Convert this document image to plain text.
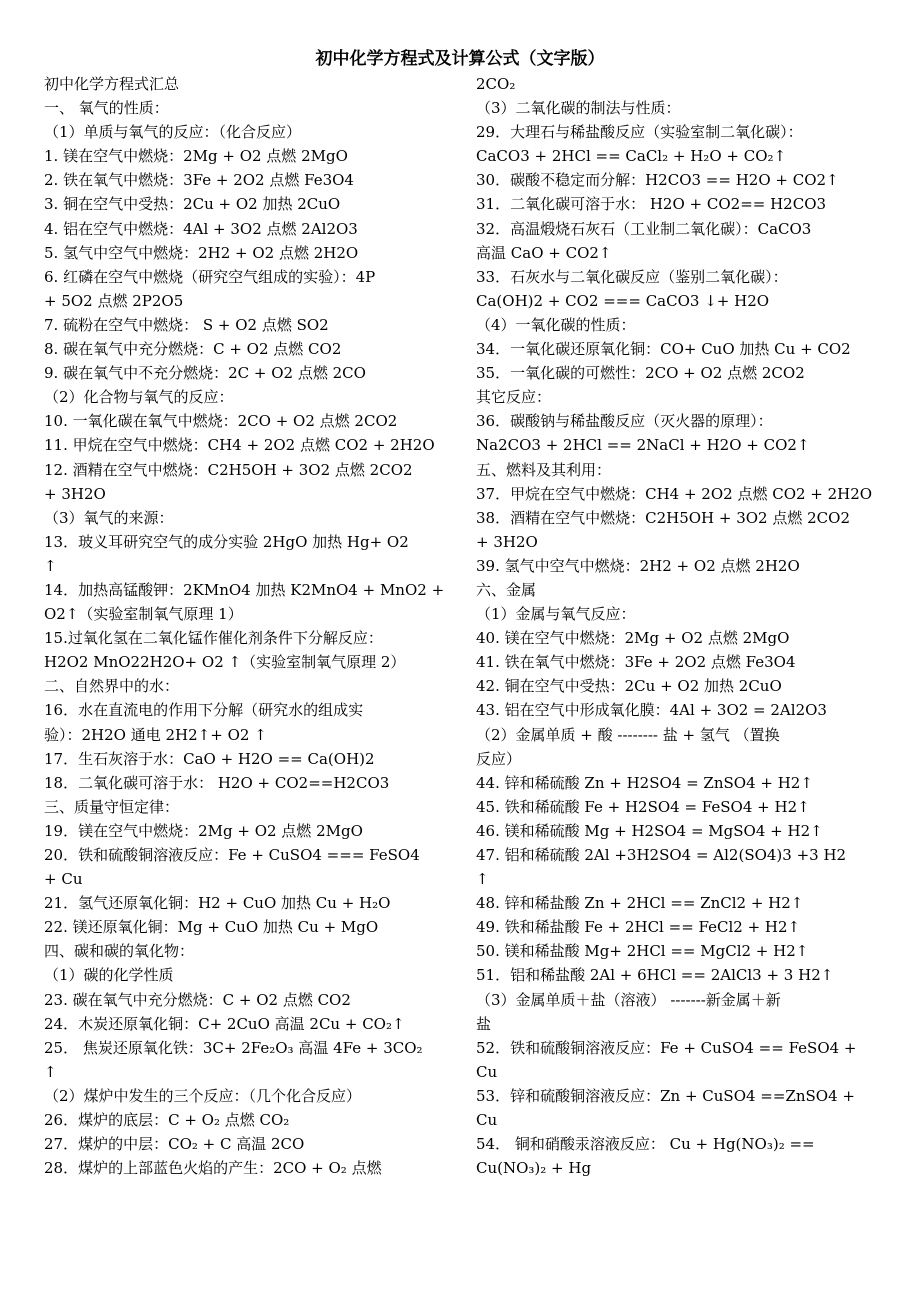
初中化学方程式及计算公式（文字版）
初中化学方程式汇总
一、 氧气的性质：
（1）单质与氧气的反应：（化合反应）
1. 镁在空气中燃烧：2Mg + O2 点燃 2MgO
2. 铁在氧气中燃烧：3Fe + 2O2 点燃 Fe3O4
3. 铜在空气中受热：2Cu + O2 加热 2CuO
4. 铝在空气中燃烧：4Al + 3O2 点燃 2Al2O3
5. 氢气中空气中燃烧：2H2 + O2 点燃 2H2O
6. 红磷在空气中燃烧（研究空气组成的实验）：4P
+ 5O2 点燃 2P2O5
7. 硫粉在空气中燃烧： S + O2 点燃 SO2
8. 碳在氧气中充分燃烧：C + O2 点燃 CO2
9. 碳在氧气中不充分燃烧：2C + O2 点燃 2CO
（2）化合物与氧气的反应：
10. 一氧化碳在氧气中燃烧：2CO + O2 点燃 2CO2
11. 甲烷在空气中燃烧：CH4 + 2O2 点燃 CO2 + 2H2O
12. 酒精在空气中燃烧：C2H5OH + 3O2 点燃 2CO2
+ 3H2O
（3）氧气的来源：
13．玻义耳研究空气的成分实验 2HgO 加热 Hg+ O2
↑
14．加热高锰酸钾：2KMnO4 加热 K2MnO4 + MnO2 +
O2↑（实验室制氧气原理 1）
15.过氧化氢在二氧化锰作催化剂条件下分解反应：
H2O2 MnO22H2O+ O2 ↑（实验室制氧气原理 2）
二、自然界中的水：
16．水在直流电的作用下分解（研究水的组成实
验）：2H2O 通电 2H2↑+ O2 ↑
17．生石灰溶于水：CaO + H2O == Ca(OH)2
18．二氧化碳可溶于水： H2O + CO2==H2CO3
三、质量守恒定律：
19．镁在空气中燃烧：2Mg + O2 点燃 2MgO
20．铁和硫酸铜溶液反应：Fe + CuSO4 === FeSO4
+ Cu
21．氢气还原氧化铜：H2 + CuO 加热 Cu + H₂O
22. 镁还原氧化铜：Mg + CuO 加热 Cu + MgO
四、碳和碳的氧化物：
（1）碳的化学性质
23. 碳在氧气中充分燃烧：C + O2 点燃 CO2
24．木炭还原氧化铜：C+ 2CuO 高温 2Cu + CO₂↑
25． 焦炭还原氧化铁：3C+ 2Fe₂O₃ 高温 4Fe + 3CO₂
↑
（2）煤炉中发生的三个反应：（几个化合反应）
26．煤炉的底层：C + O₂ 点燃 CO₂
27．煤炉的中层：CO₂ + C 高温 2CO
28．煤炉的上部蓝色火焰的产生：2CO + O₂ 点燃
2CO₂
（3）二氧化碳的制法与性质：
29．大理石与稀盐酸反应（实验室制二氧化碳）：
CaCO3 + 2HCl == CaCl₂ + H₂O + CO₂↑
30．碳酸不稳定而分解：H2CO3 == H2O + CO2↑
31．二氧化碳可溶于水： H2O + CO2== H2CO3
32．高温煅烧石灰石（工业制二氧化碳）：CaCO3
高温 CaO + CO2↑
33．石灰水与二氧化碳反应（鉴别二氧化碳）：
Ca(OH)2 + CO2 === CaCO3 ↓+ H2O
（4）一氧化碳的性质：
34．一氧化碳还原氧化铜：CO+ CuO 加热 Cu + CO2
35．一氧化碳的可燃性：2CO + O2 点燃 2CO2
其它反应：
36．碳酸钠与稀盐酸反应（灭火器的原理）：
Na2CO3 + 2HCl == 2NaCl + H2O + CO2↑
五、燃料及其利用：
37．甲烷在空气中燃烧：CH4 + 2O2 点燃 CO2 + 2H2O
38．酒精在空气中燃烧：C2H5OH + 3O2 点燃 2CO2
+ 3H2O
39. 氢气中空气中燃烧：2H2 + O2 点燃 2H2O
六、金属
（1）金属与氧气反应：
40. 镁在空气中燃烧：2Mg + O2 点燃 2MgO
41. 铁在氧气中燃烧：3Fe + 2O2 点燃 Fe3O4
42. 铜在空气中受热：2Cu + O2 加热 2CuO
43. 铝在空气中形成氧化膜：4Al + 3O2 = 2Al2O3
（2）金属单质 + 酸 -------- 盐 + 氢气 （置换
反应）
44. 锌和稀硫酸 Zn + H2SO4 = ZnSO4 + H2↑
45. 铁和稀硫酸 Fe + H2SO4 = FeSO4 + H2↑
46. 镁和稀硫酸 Mg + H2SO4 = MgSO4 + H2↑
47. 铝和稀硫酸 2Al +3H2SO4 = Al2(SO4)3 +3 H2
↑
48. 锌和稀盐酸 Zn + 2HCl == ZnCl2 + H2↑
49. 铁和稀盐酸 Fe + 2HCl == FeCl2 + H2↑
50. 镁和稀盐酸 Mg+ 2HCl == MgCl2 + H2↑
51．铝和稀盐酸 2Al + 6HCl == 2AlCl3 + 3 H2↑
（3）金属单质＋盐（溶液） -------新金属＋新
盐
52．铁和硫酸铜溶液反应：Fe + CuSO4 == FeSO4 +
Cu
53．锌和硫酸铜溶液反应：Zn + CuSO4 ==ZnSO4 +
Cu
54． 铜和硝酸汞溶液反应： Cu + Hg(NO₃)₂ ==
Cu(NO₃)₂ + Hg
